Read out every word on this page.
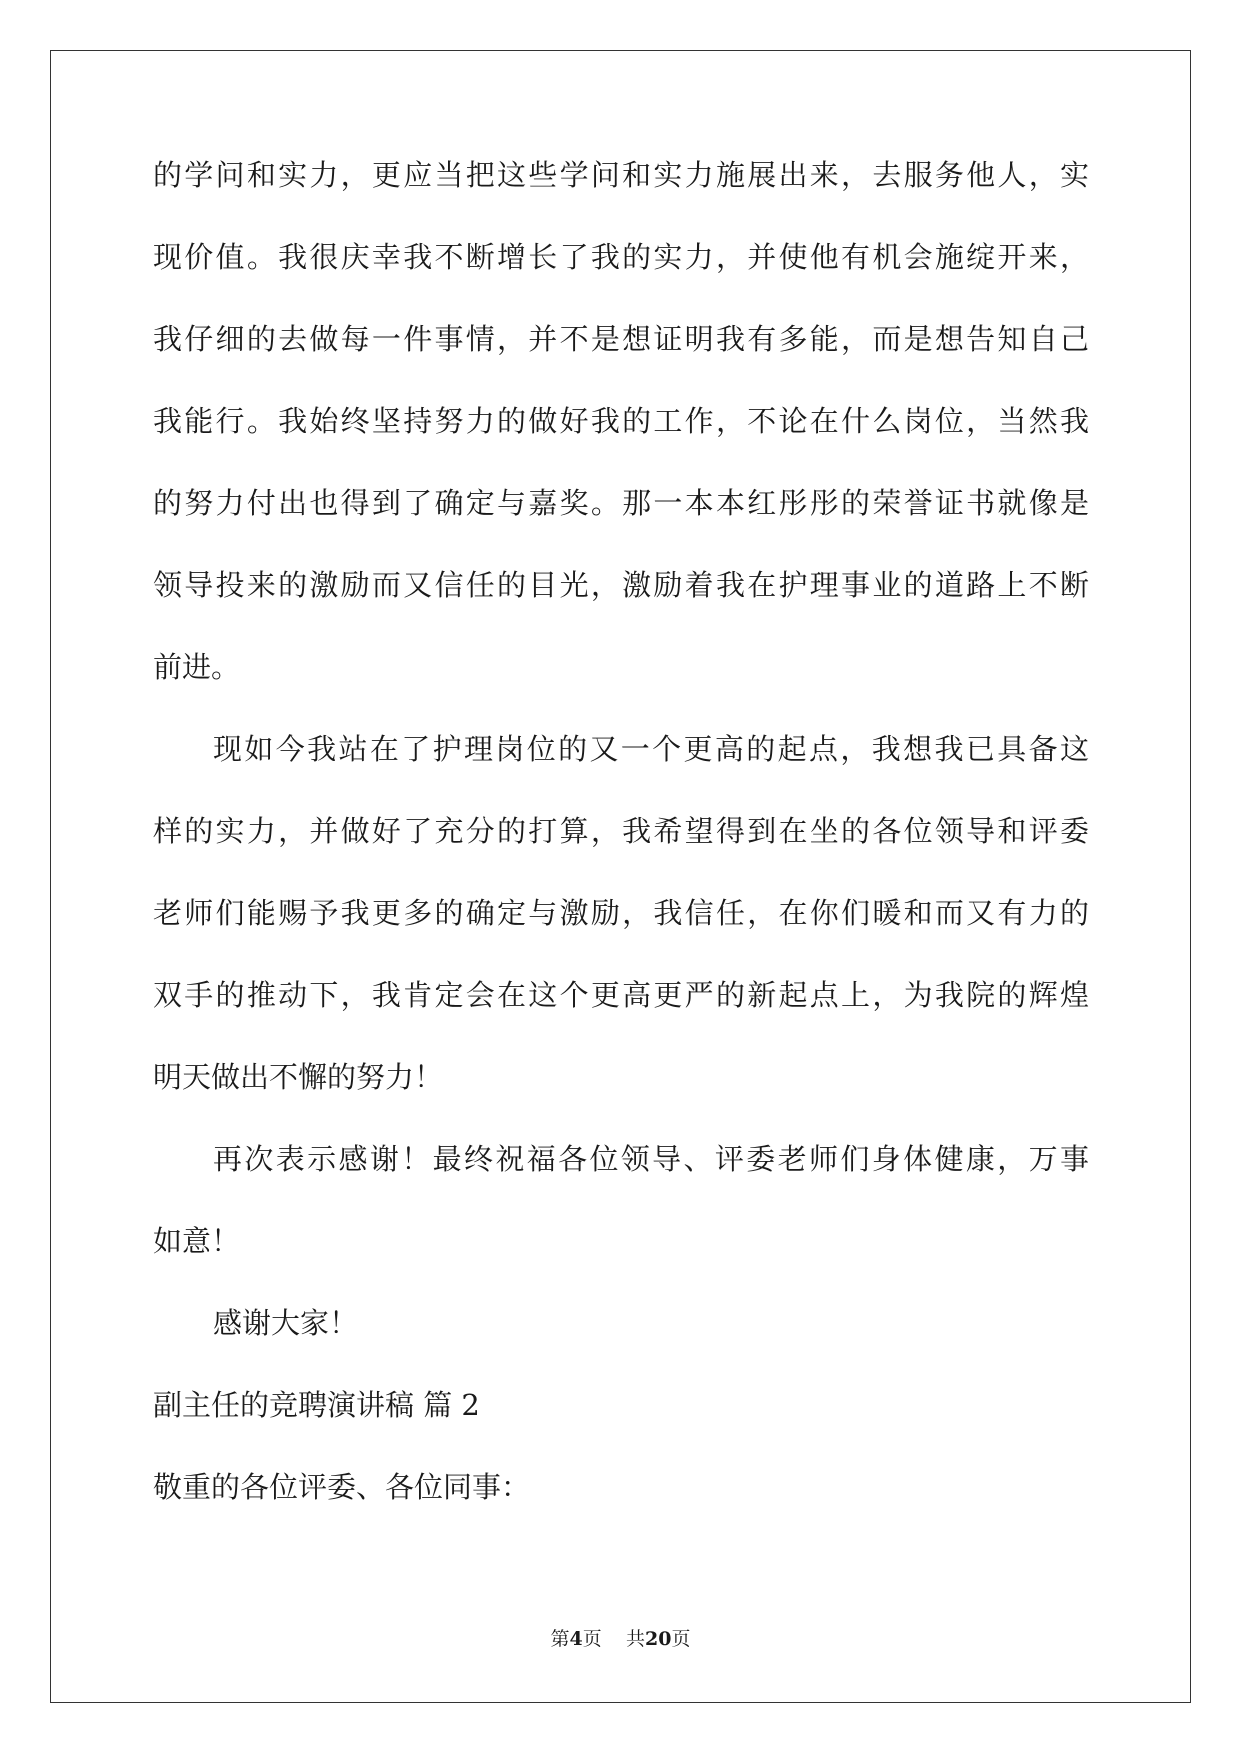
的学问和实力，更应当把这些学问和实力施展出来，去服务他人，实
现价值。我很庆幸我不断增长了我的实力，并使他有机会施绽开来，
我仔细的去做每一件事情，并不是想证明我有多能，而是想告知自己
我能行。我始终坚持努力的做好我的工作，不论在什么岗位，当然我
的努力付出也得到了确定与嘉奖。那一本本红彤彤的荣誉证书就像是
领导投来的激励而又信任的目光，激励着我在护理事业的道路上不断
前进。
现如今我站在了护理岗位的又一个更高的起点，我想我已具备这
样的实力，并做好了充分的打算，我希望得到在坐的各位领导和评委
老师们能赐予我更多的确定与激励，我信任，在你们暖和而又有力的
双手的推动下，我肯定会在这个更高更严的新起点上，为我院的辉煌
明天做出不懈的努力！
再次表示感谢！最终祝福各位领导、评委老师们身体健康，万事
如意！
感谢大家！
副主任的竞聘演讲稿 篇 2
敬重的各位评委、各位同事：
第4页 共20页
